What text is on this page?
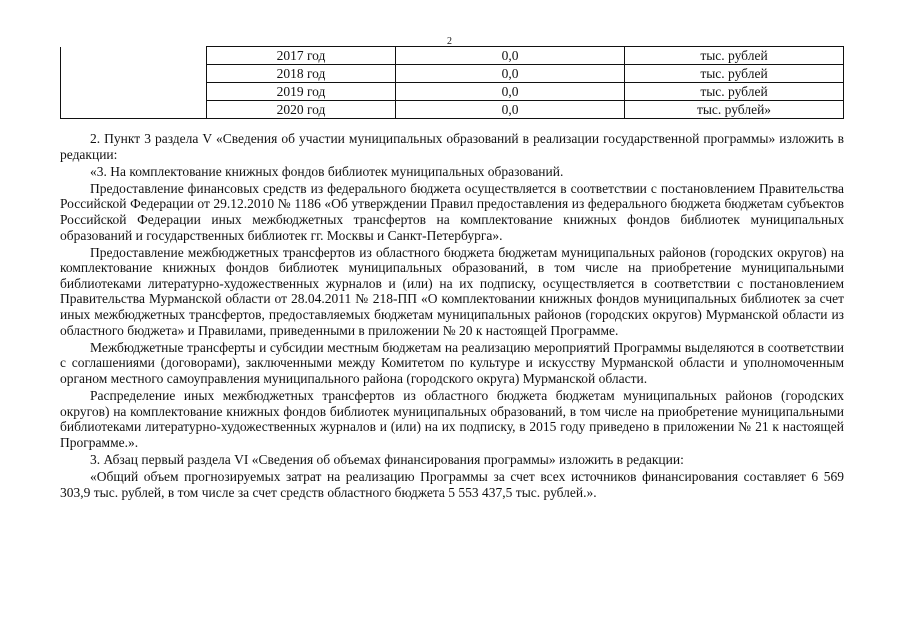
2
	2017 год	0,0	тыс. рублей
	2018 год	0,0	тыс. рублей
	2019 год	0,0	тыс. рублей
	2020 год	0,0	тыс. рублей»

2. Пункт 3 раздела V «Сведения об участии муниципальных образований в реализации государственной программы» изложить в редакции:

«3. На комплектование книжных фондов библиотек муниципальных образований.

Предоставление финансовых средств из федерального бюджета осуществляется в соответствии с постановлением Правительства Российской Федерации от 29.12.2010 № 1186 «Об утверждении Правил предоставления из федерального бюджета бюджетам субъектов Российской Федерации иных межбюджетных трансфертов на комплектование книжных фондов библиотек муниципальных образований и государственных библиотек гг. Москвы и Санкт-Петербурга».

Предоставление межбюджетных трансфертов из областного бюджета бюджетам муниципальных районов (городских округов) на комплектование книжных фондов библиотек муниципальных образований, в том числе на приобретение муниципальными библиотеками литературно-художественных журналов и (или) на их подписку, осуществляется в соответствии с постановлением Правительства Мурманской области от 28.04.2011 № 218-ПП «О комплектовании книжных фондов муниципальных библиотек за счет иных межбюджетных трансфертов, предоставляемых бюджетам муниципальных районов (городских округов) Мурманской области из областного бюджета» и Правилами, приведенными в приложении № 20 к настоящей Программе.

Межбюджетные трансферты и субсидии местным бюджетам на реализацию мероприятий Программы выделяются в соответствии с соглашениями (договорами), заключенными между Комитетом по культуре и искусству Мурманской области и уполномоченным органом местного самоуправления муниципального района (городского округа) Мурманской области.

Распределение иных межбюджетных трансфертов из областного бюджета бюджетам муниципальных районов (городских округов) на комплектование книжных фондов библиотек муниципальных образований, в том числе на приобретение муниципальными библиотеками литературно-художественных журналов и (или) на их подписку, в 2015 году приведено в приложении № 21 к настоящей Программе.».

3. Абзац первый раздела VI «Сведения об объемах финансирования программы» изложить в редакции:

«Общий объем прогнозируемых затрат на реализацию Программы за счет всех источников финансирования составляет 6 569 303,9 тыс. рублей, в том числе за счет средств областного бюджета 5 553 437,5 тыс. рублей.».
